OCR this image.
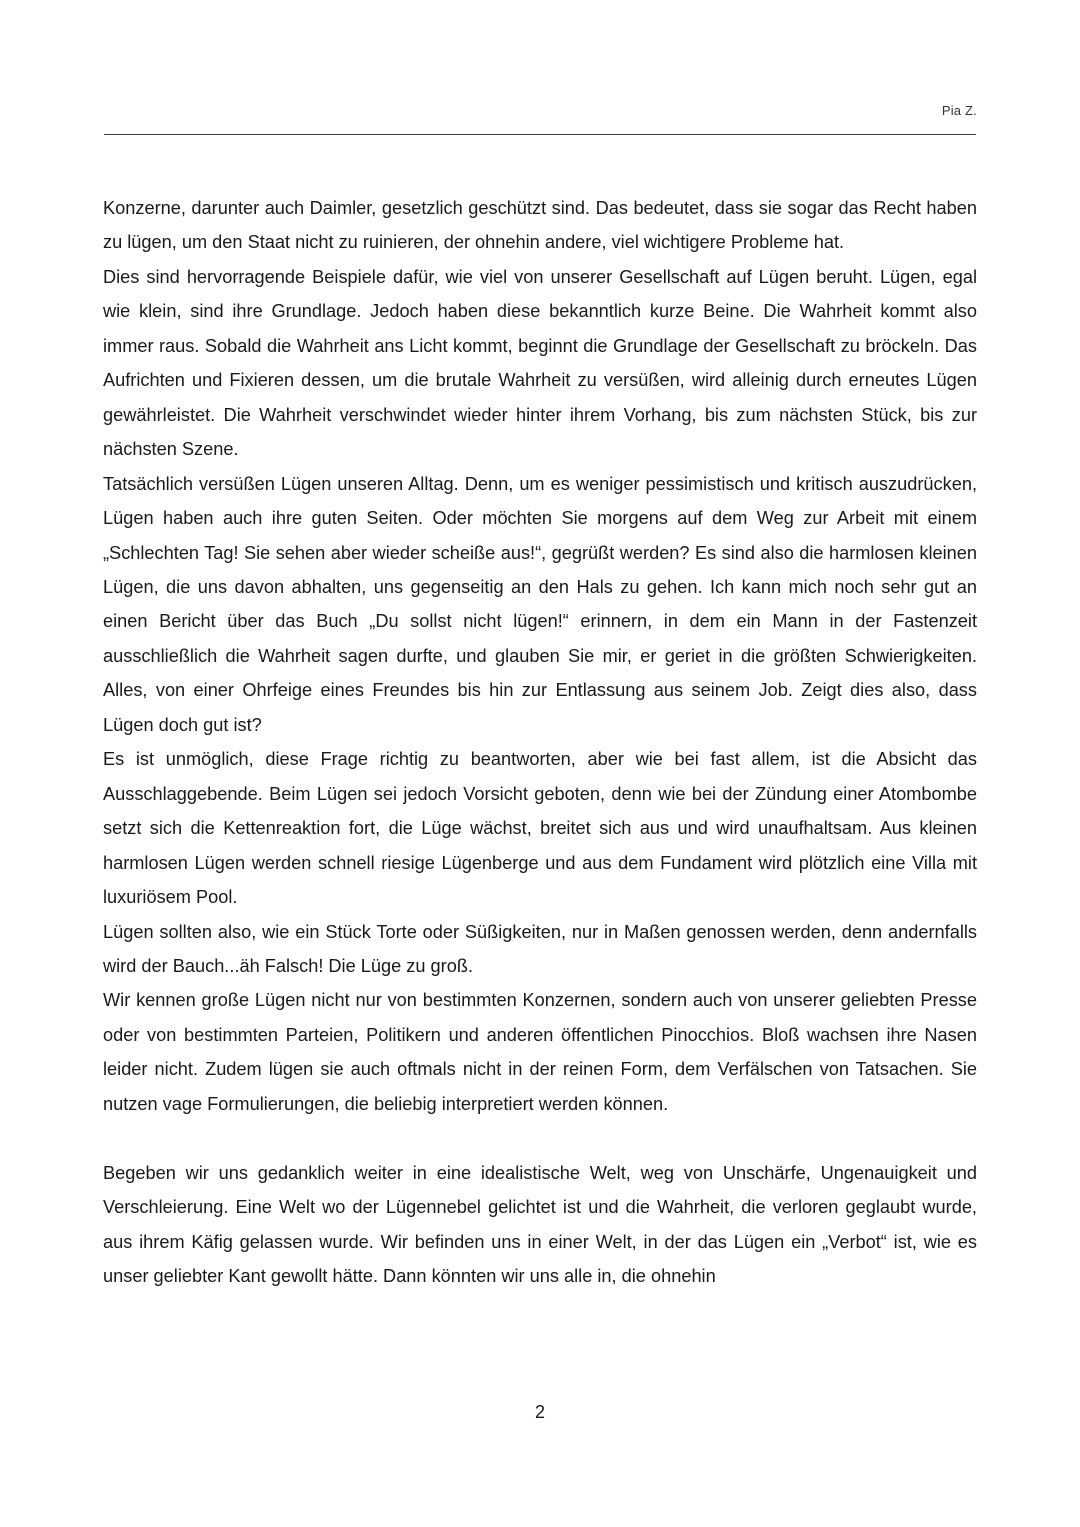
Pia Z.

Konzerne, darunter auch Daimler, gesetzlich geschützt sind. Das bedeutet, dass sie sogar das Recht haben zu lügen, um den Staat nicht zu ruinieren, der ohnehin andere, viel wichtigere Probleme hat.

Dies sind hervorragende Beispiele dafür, wie viel von unserer Gesellschaft auf Lügen beruht. Lügen, egal wie klein, sind ihre Grundlage. Jedoch haben diese bekanntlich kurze Beine. Die Wahrheit kommt also immer raus. Sobald die Wahrheit ans Licht kommt, beginnt die Grundlage der Gesellschaft zu bröckeln. Das Aufrichten und Fixieren dessen, um die brutale Wahrheit zu versüßen, wird alleinig durch erneutes Lügen gewährleistet. Die Wahrheit verschwindet wieder hinter ihrem Vorhang, bis zum nächsten Stück, bis zur nächsten Szene.

Tatsächlich versüßen Lügen unseren Alltag. Denn, um es weniger pessimistisch und kritisch auszudrücken, Lügen haben auch ihre guten Seiten. Oder möchten Sie morgens auf dem Weg zur Arbeit mit einem „Schlechten Tag! Sie sehen aber wieder scheiße aus!“, gegrüßt werden? Es sind also die harmlosen kleinen Lügen, die uns davon abhalten, uns gegenseitig an den Hals zu gehen. Ich kann mich noch sehr gut an einen Bericht über das Buch „Du sollst nicht lügen!“ erinnern, in dem ein Mann in der Fastenzeit ausschließlich die Wahrheit sagen durfte, und glauben Sie mir, er geriet in die größten Schwierigkeiten. Alles, von einer Ohrfeige eines Freundes bis hin zur Entlassung aus seinem Job. Zeigt dies also, dass Lügen doch gut ist?

Es ist unmöglich, diese Frage richtig zu beantworten, aber wie bei fast allem, ist die Absicht das Ausschlaggebende. Beim Lügen sei jedoch Vorsicht geboten, denn wie bei der Zündung einer Atombombe setzt sich die Kettenreaktion fort, die Lüge wächst, breitet sich aus und wird unaufhaltsam. Aus kleinen harmlosen Lügen werden schnell riesige Lügenberge und aus dem Fundament wird plötzlich eine Villa mit luxuriösem Pool.

Lügen sollten also, wie ein Stück Torte oder Süßigkeiten, nur in Maßen genossen werden, denn andernfalls wird der Bauch...äh Falsch! Die Lüge zu groß.

Wir kennen große Lügen nicht nur von bestimmten Konzernen, sondern auch von unserer geliebten Presse oder von bestimmten Parteien, Politikern und anderen öffentlichen Pinocchios. Bloß wachsen ihre Nasen leider nicht. Zudem lügen sie auch oftmals nicht in der reinen Form, dem Verfälschen von Tatsachen. Sie nutzen vage Formulierungen, die beliebig interpretiert werden können.

Begeben wir uns gedanklich weiter in eine idealistische Welt, weg von Unschärfe, Ungenauigkeit und Verschleierung. Eine Welt wo der Lügennebel gelichtet ist und die Wahrheit, die verloren geglaubt wurde, aus ihrem Käfig gelassen wurde. Wir befinden uns in einer Welt, in der das Lügen ein „Verbot“ ist, wie es unser geliebter Kant gewollt hätte. Dann könnten wir uns alle in, die ohnehin

2
